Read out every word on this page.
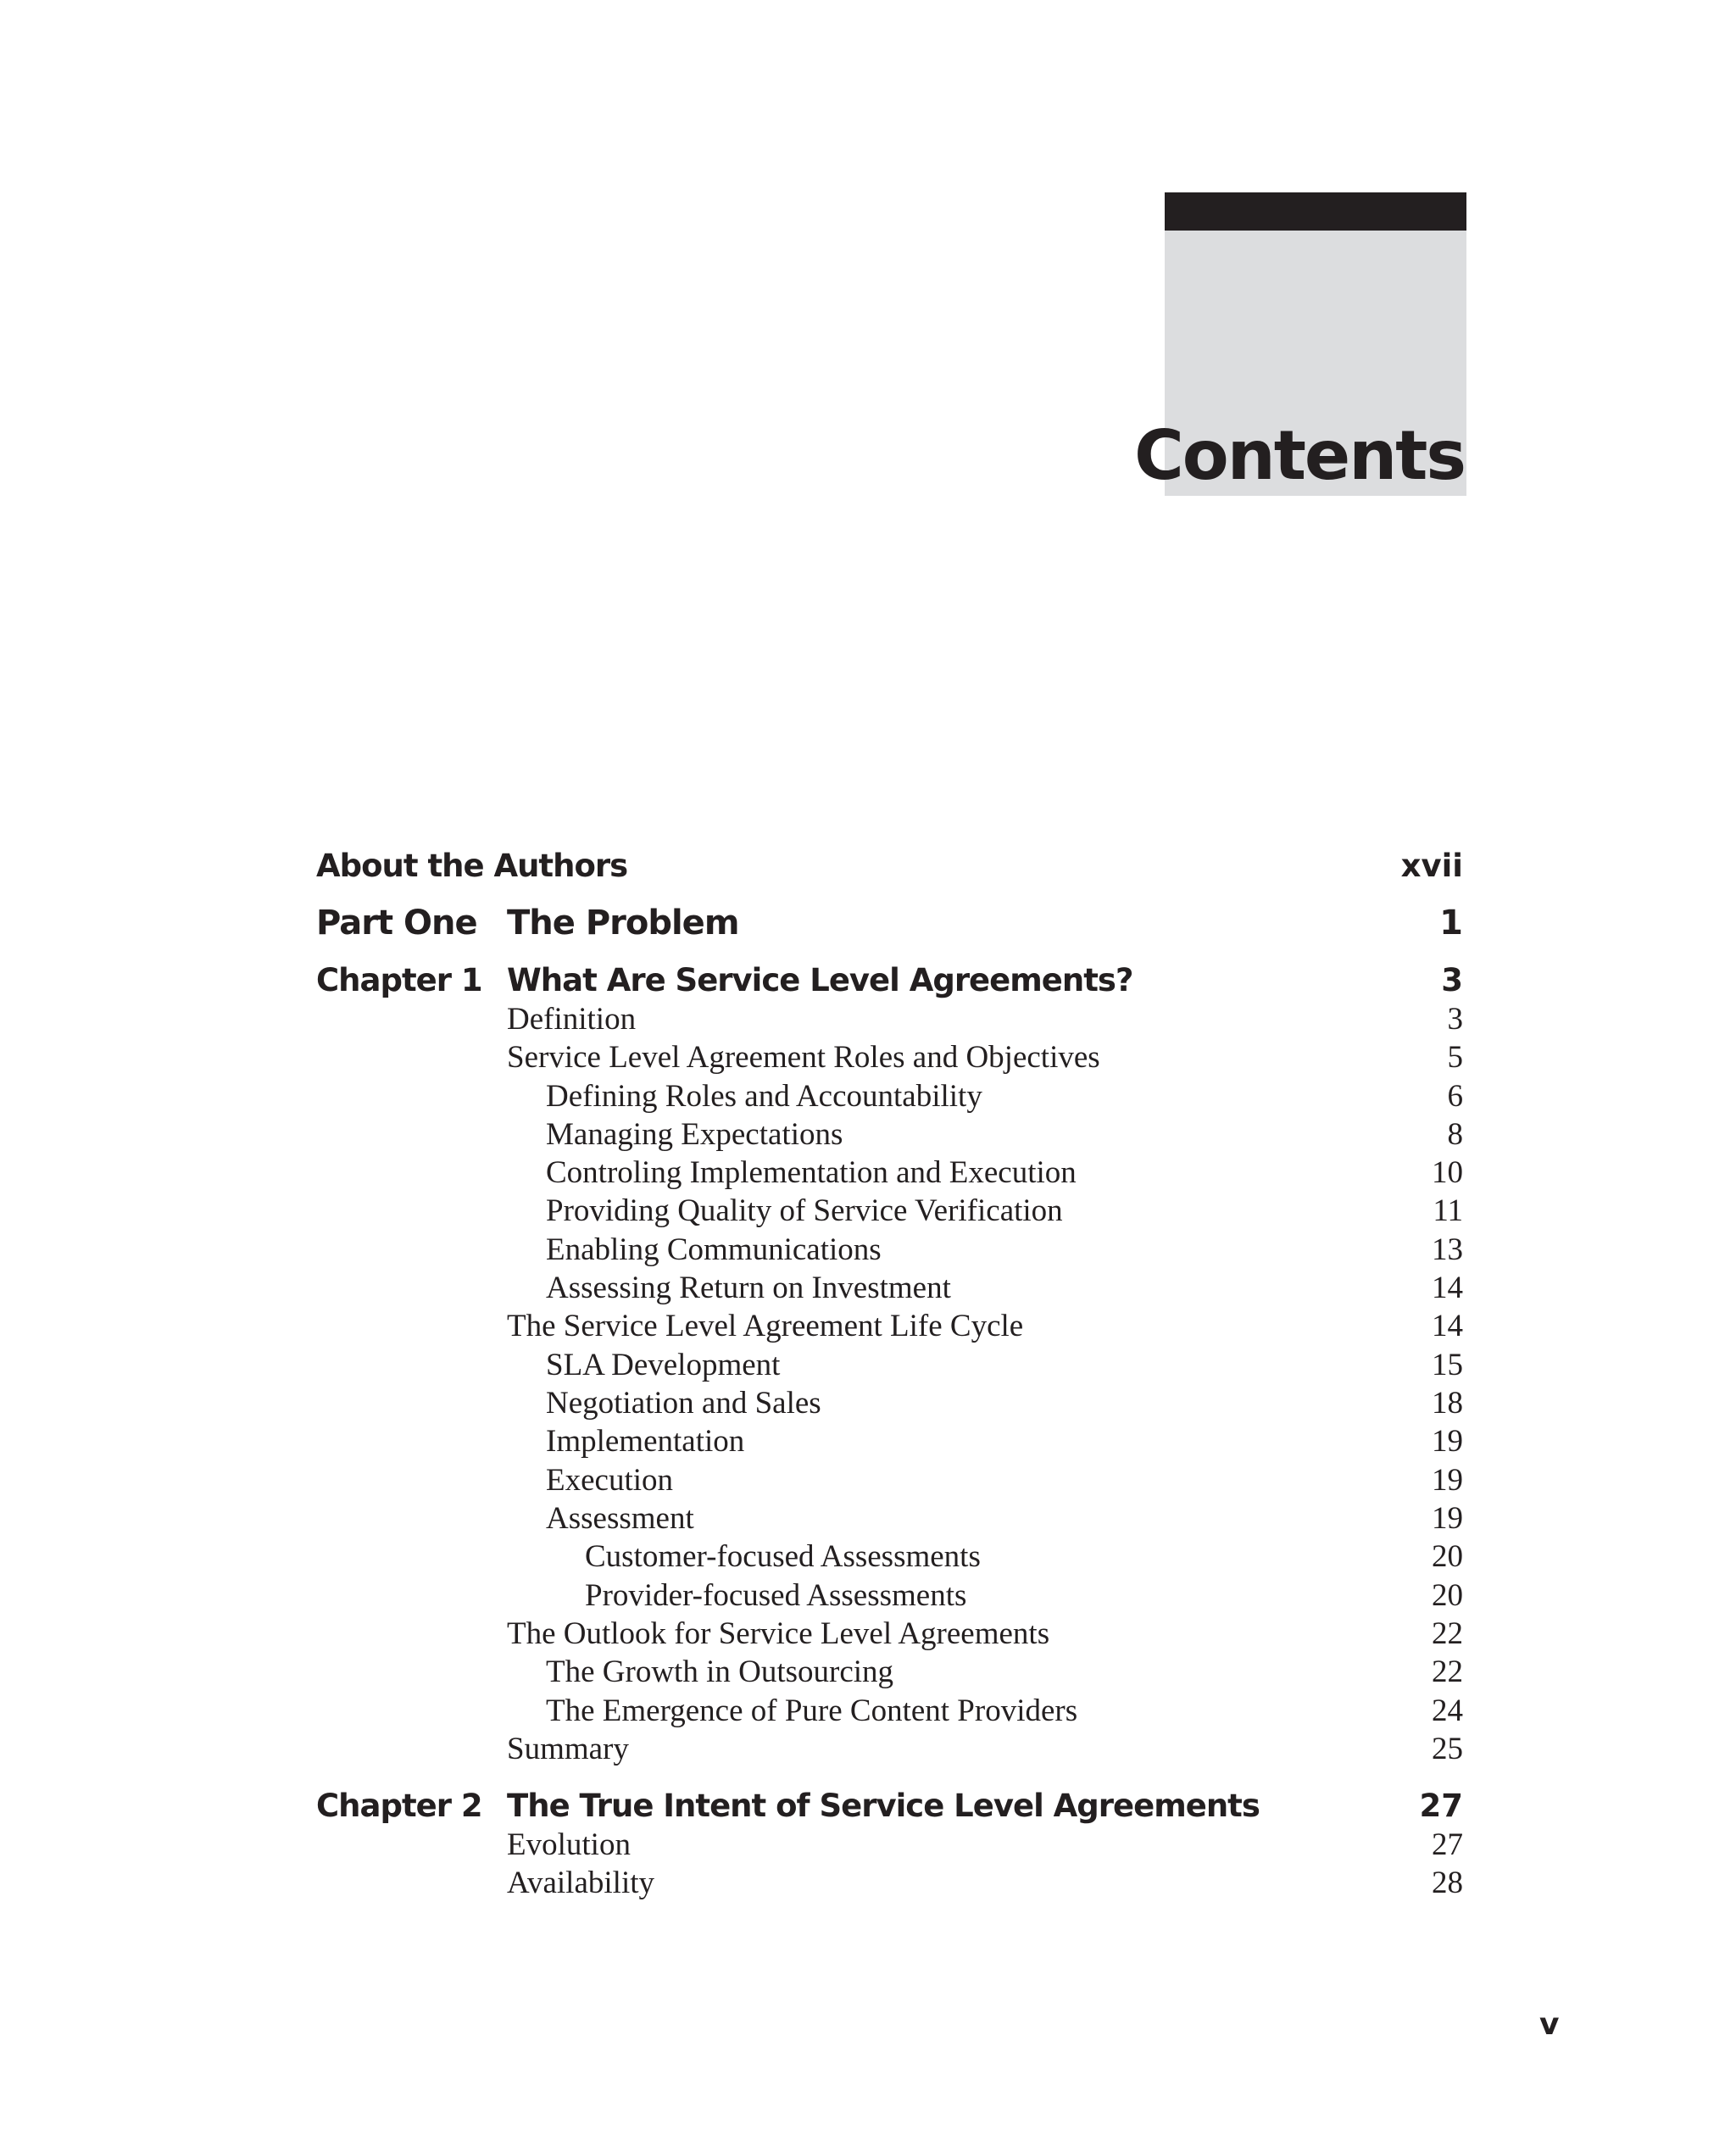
Contents
About the Authors	xvii
Part One The Problem	1
Chapter 1 What Are Service Level Agreements?	3
Definition	3
Service Level Agreement Roles and Objectives	5
Defining Roles and Accountability	6
Managing Expectations	8
Controling Implementation and Execution	10
Providing Quality of Service Verification	11
Enabling Communications	13
Assessing Return on Investment	14
The Service Level Agreement Life Cycle	14
SLA Development	15
Negotiation and Sales	18
Implementation	19
Execution	19
Assessment	19
Customer-focused Assessments	20
Provider-focused Assessments	20
The Outlook for Service Level Agreements	22
The Growth in Outsourcing	22
The Emergence of Pure Content Providers	24
Summary	25
Chapter 2 The True Intent of Service Level Agreements	27
Evolution	27
Availability	28
v
